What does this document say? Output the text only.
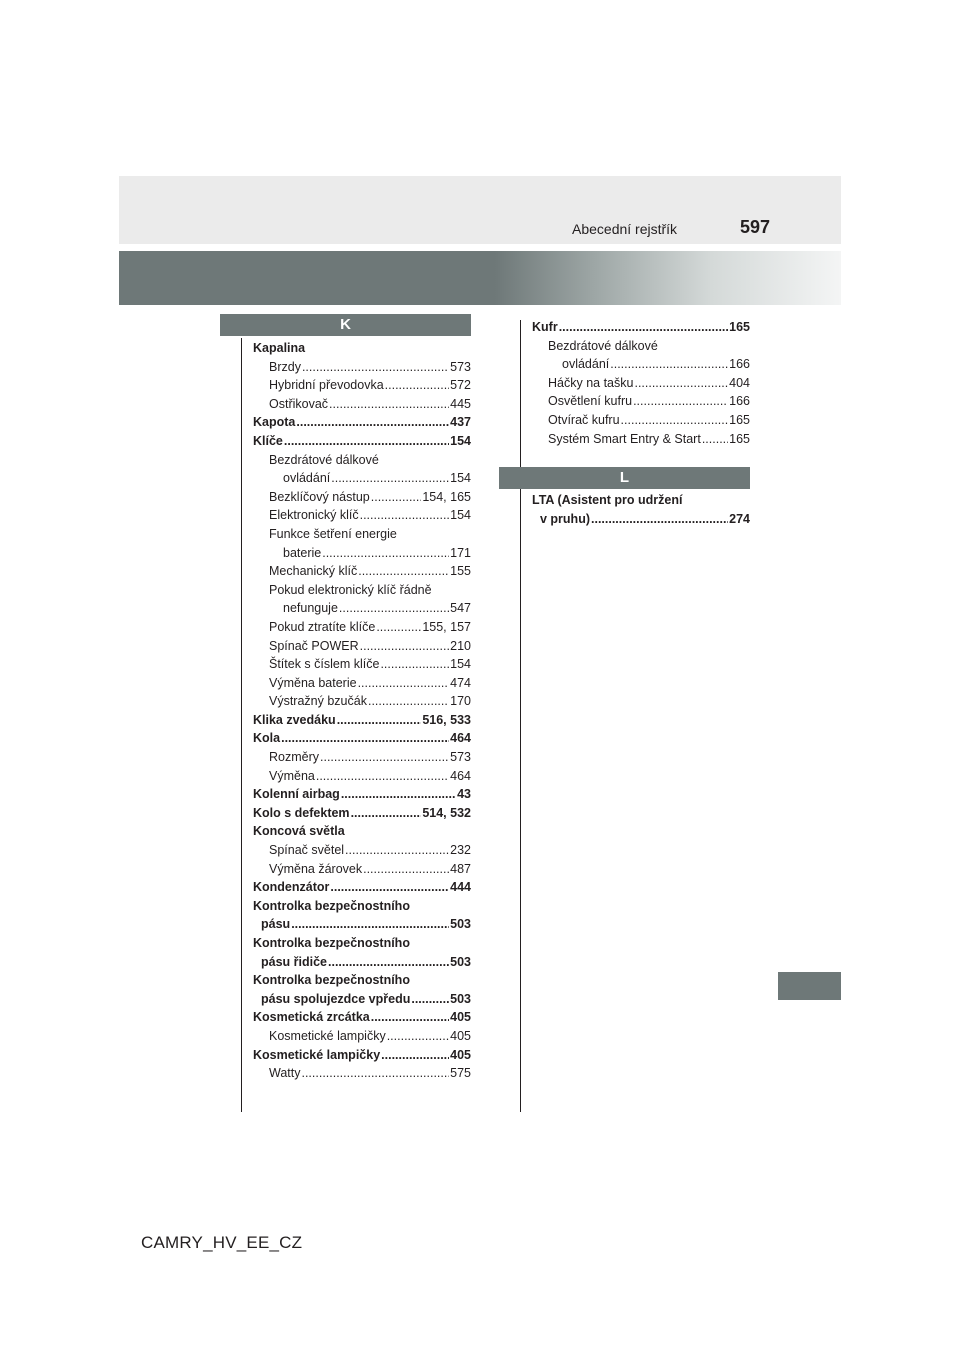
Abecední rejstřík	597
K
L
Kapalina
Brzdy .....	573
Hybridní převodovka .....	572
Ostřikovač .....	445
Kapota .....	437
Klíče .....	154
Bezdrátové dálkové
ovládání .....	154
Bezklíčový nástup .....	154, 165
Elektronický klíč .....	154
Funkce šetření energie
baterie .....	171
Mechanický klíč .....	155
Pokud elektronický klíč řádně
nefunguje .....	547
Pokud ztratíte klíče .....	155, 157
Spínač POWER .....	210
Štítek s číslem klíče .....	154
Výměna baterie .....	474
Výstražný bzučák .....	170
Klika zvedáku .....	516, 533
Kola .....	464
Rozměry .....	573
Výměna .....	464
Kolenní airbag .....	43
Kolo s defektem .....	514, 532
Koncová světla
Spínač světel .....	232
Výměna žárovek .....	487
Kondenzátor .....	444
Kontrolka bezpečnostního
pásu .....	503
Kontrolka bezpečnostního
pásu řidiče .....	503
Kontrolka bezpečnostního
pásu spolujezdce vpředu .....	503
Kosmetická zrcátka .....	405
Kosmetické lampičky .....	405
Kosmetické lampičky .....	405
Watty .....	575
Kufr .....	165
Bezdrátové dálkové
ovládání .....	166
Háčky na tašku .....	404
Osvětlení kufru .....	166
Otvírač kufru .....	165
Systém Smart Entry & Start ..... 165
LTA (Asistent pro udržení
v pruhu) .....	274
CAMRY_HV_EE_CZ
